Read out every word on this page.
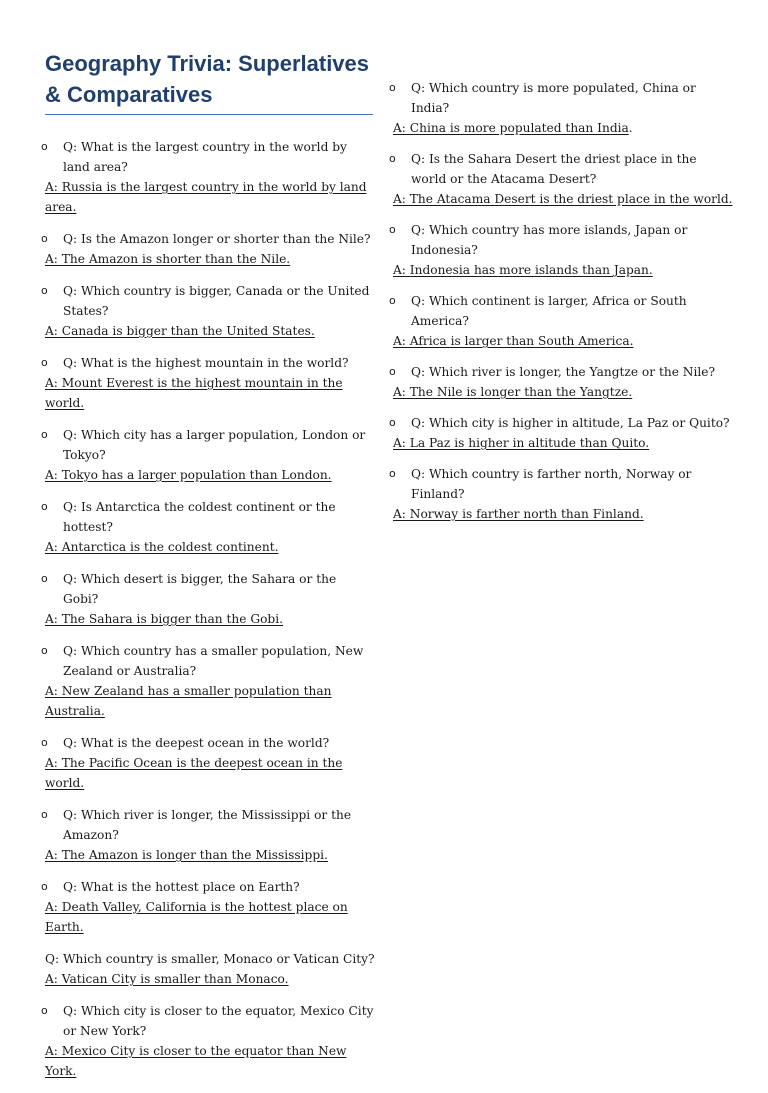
Geography Trivia: Superlatives & Comparatives
o Q: What is the largest country in the world by land area?
A: Russia is the largest country in the world by land area.
o Q: Is the Amazon longer or shorter than the Nile?
A: The Amazon is shorter than the Nile.
o Q: Which country is bigger, Canada or the United States?
A: Canada is bigger than the United States.
o Q: What is the highest mountain in the world?
A: Mount Everest is the highest mountain in the world.
o Q: Which city has a larger population, London or Tokyo?
A: Tokyo has a larger population than London.
o Q: Is Antarctica the coldest continent or the hottest?
A: Antarctica is the coldest continent.
o Q: Which desert is bigger, the Sahara or the Gobi?
A: The Sahara is bigger than the Gobi.
o Q: Which country has a smaller population, New Zealand or Australia?
A: New Zealand has a smaller population than Australia.
o Q: What is the deepest ocean in the world?
A: The Pacific Ocean is the deepest ocean in the world.
o Q: Which river is longer, the Mississippi or the Amazon?
A: The Amazon is longer than the Mississippi.
o Q: What is the hottest place on Earth?
A: Death Valley, California is the hottest place on Earth.
Q: Which country is smaller, Monaco or Vatican City?
A: Vatican City is smaller than Monaco.
o Q: Which city is closer to the equator, Mexico City or New York?
A: Mexico City is closer to the equator than New York.
o Q: Which country is more populated, China or India?
A: China is more populated than India.
o Q: Is the Sahara Desert the driest place in the world or the Atacama Desert?
A: The Atacama Desert is the driest place in the world.
o Q: Which country has more islands, Japan or Indonesia?
A: Indonesia has more islands than Japan.
o Q: Which continent is larger, Africa or South America?
A: Africa is larger than South America.
o Q: Which river is longer, the Yangtze or the Nile?
A: The Nile is longer than the Yangtze.
o Q: Which city is higher in altitude, La Paz or Quito?
A: La Paz is higher in altitude than Quito.
o Q: Which country is farther north, Norway or Finland?
A: Norway is farther north than Finland.
